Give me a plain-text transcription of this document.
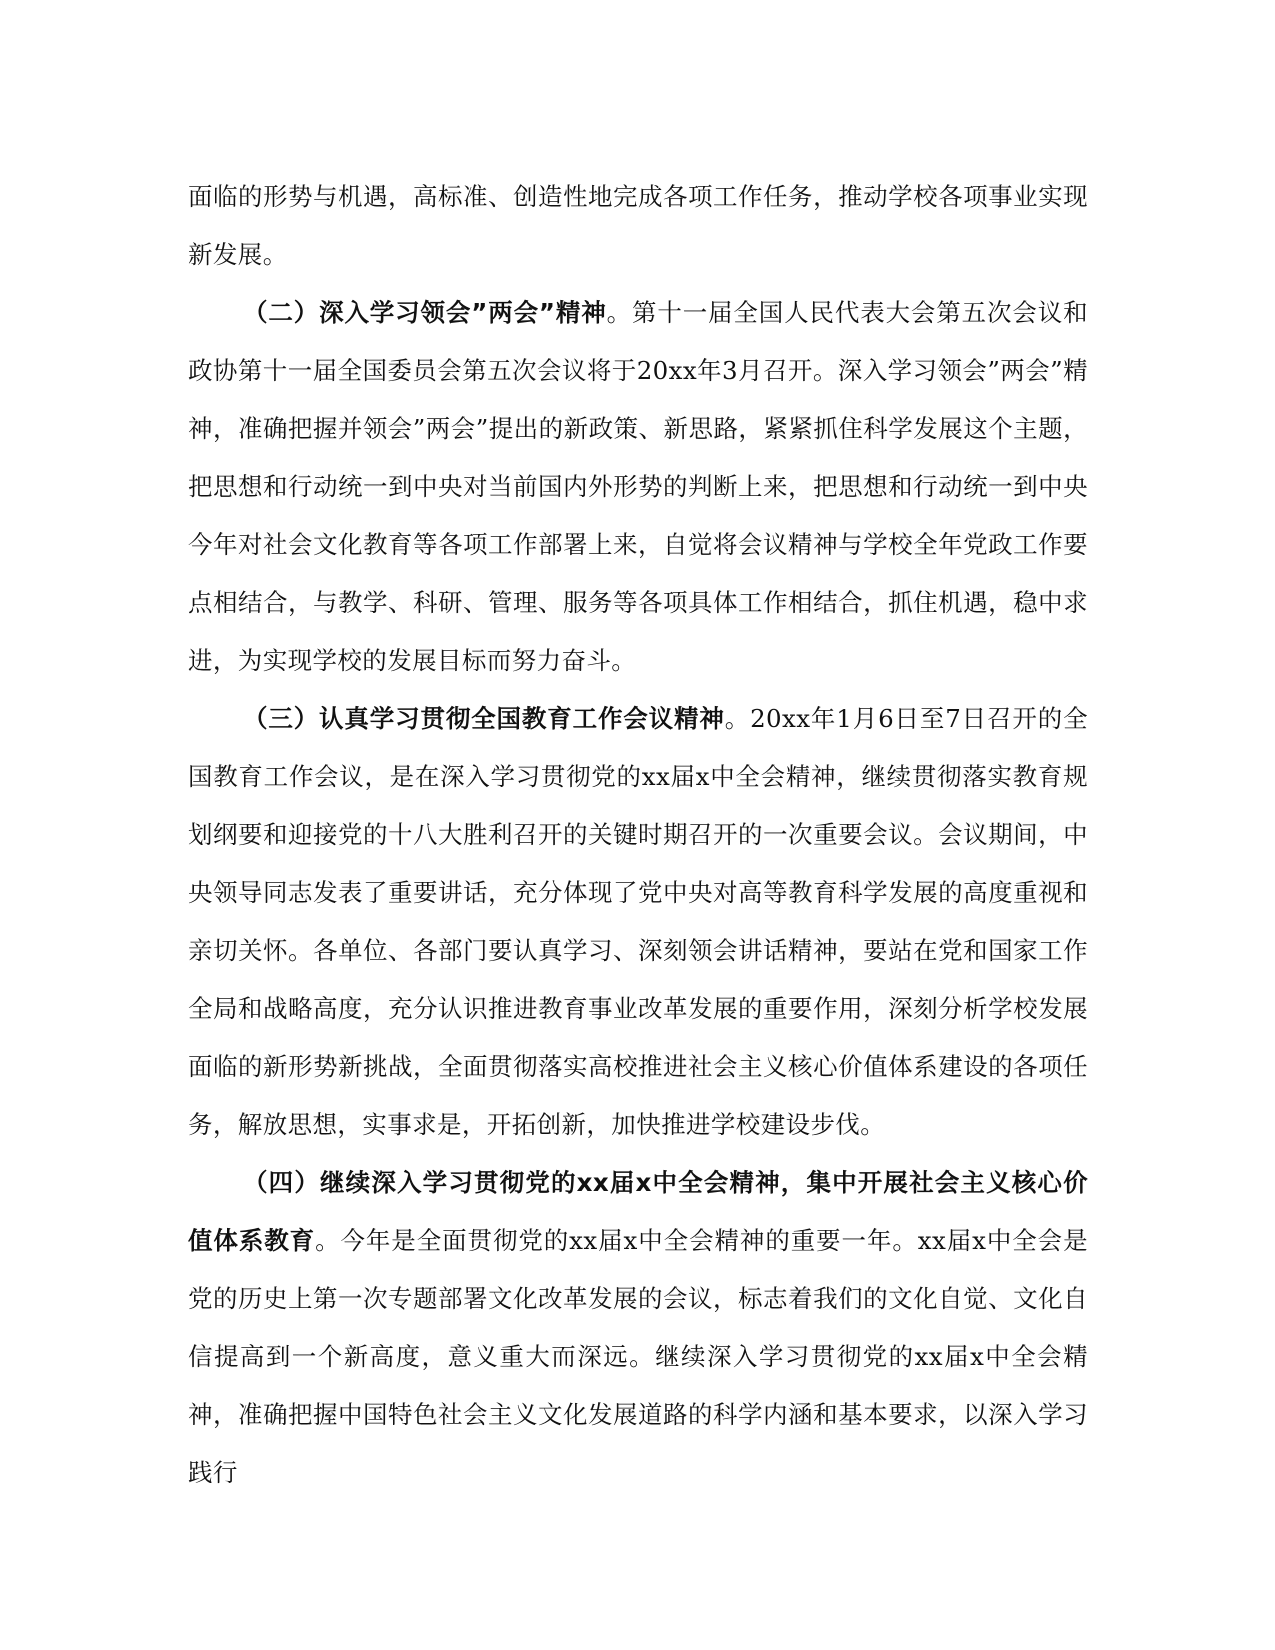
面临的形势与机遇，高标准、创造性地完成各项工作任务，推动学校各项事业实现新发展。

（二）深入学习领会”两会”精神。第十一届全国人民代表大会第五次会议和政协第十一届全国委员会第五次会议将于20xx年3月召开。深入学习领会”两会”精神，准确把握并领会”两会”提出的新政策、新思路，紧紧抓住科学发展这个主题，把思想和行动统一到中央对当前国内外形势的判断上来，把思想和行动统一到中央今年对社会文化教育等各项工作部署上来，自觉将会议精神与学校全年党政工作要点相结合，与教学、科研、管理、服务等各项具体工作相结合，抓住机遇，稳中求进，为实现学校的发展目标而努力奋斗。

（三）认真学习贯彻全国教育工作会议精神。20xx年1月6日至7日召开的全国教育工作会议，是在深入学习贯彻党的xx届x中全会精神，继续贯彻落实教育规划纲要和迎接党的十八大胜利召开的关键时期召开的一次重要会议。会议期间，中央领导同志发表了重要讲话，充分体现了党中央对高等教育科学发展的高度重视和亲切关怀。各单位、各部门要认真学习、深刻领会讲话精神，要站在党和国家工作全局和战略高度，充分认识推进教育事业改革发展的重要作用，深刻分析学校发展面临的新形势新挑战，全面贯彻落实高校推进社会主义核心价值体系建设的各项任务，解放思想，实事求是，开拓创新，加快推进学校建设步伐。

（四）继续深入学习贯彻党的xx届x中全会精神，集中开展社会主义核心价值体系教育。今年是全面贯彻党的xx届x中全会精神的重要一年。xx届x中全会是党的历史上第一次专题部署文化改革发展的会议，标志着我们的文化自觉、文化自信提高到一个新高度，意义重大而深远。继续深入学习贯彻党的xx届x中全会精神，准确把握中国特色社会主义文化发展道路的科学内涵和基本要求，以深入学习践行
